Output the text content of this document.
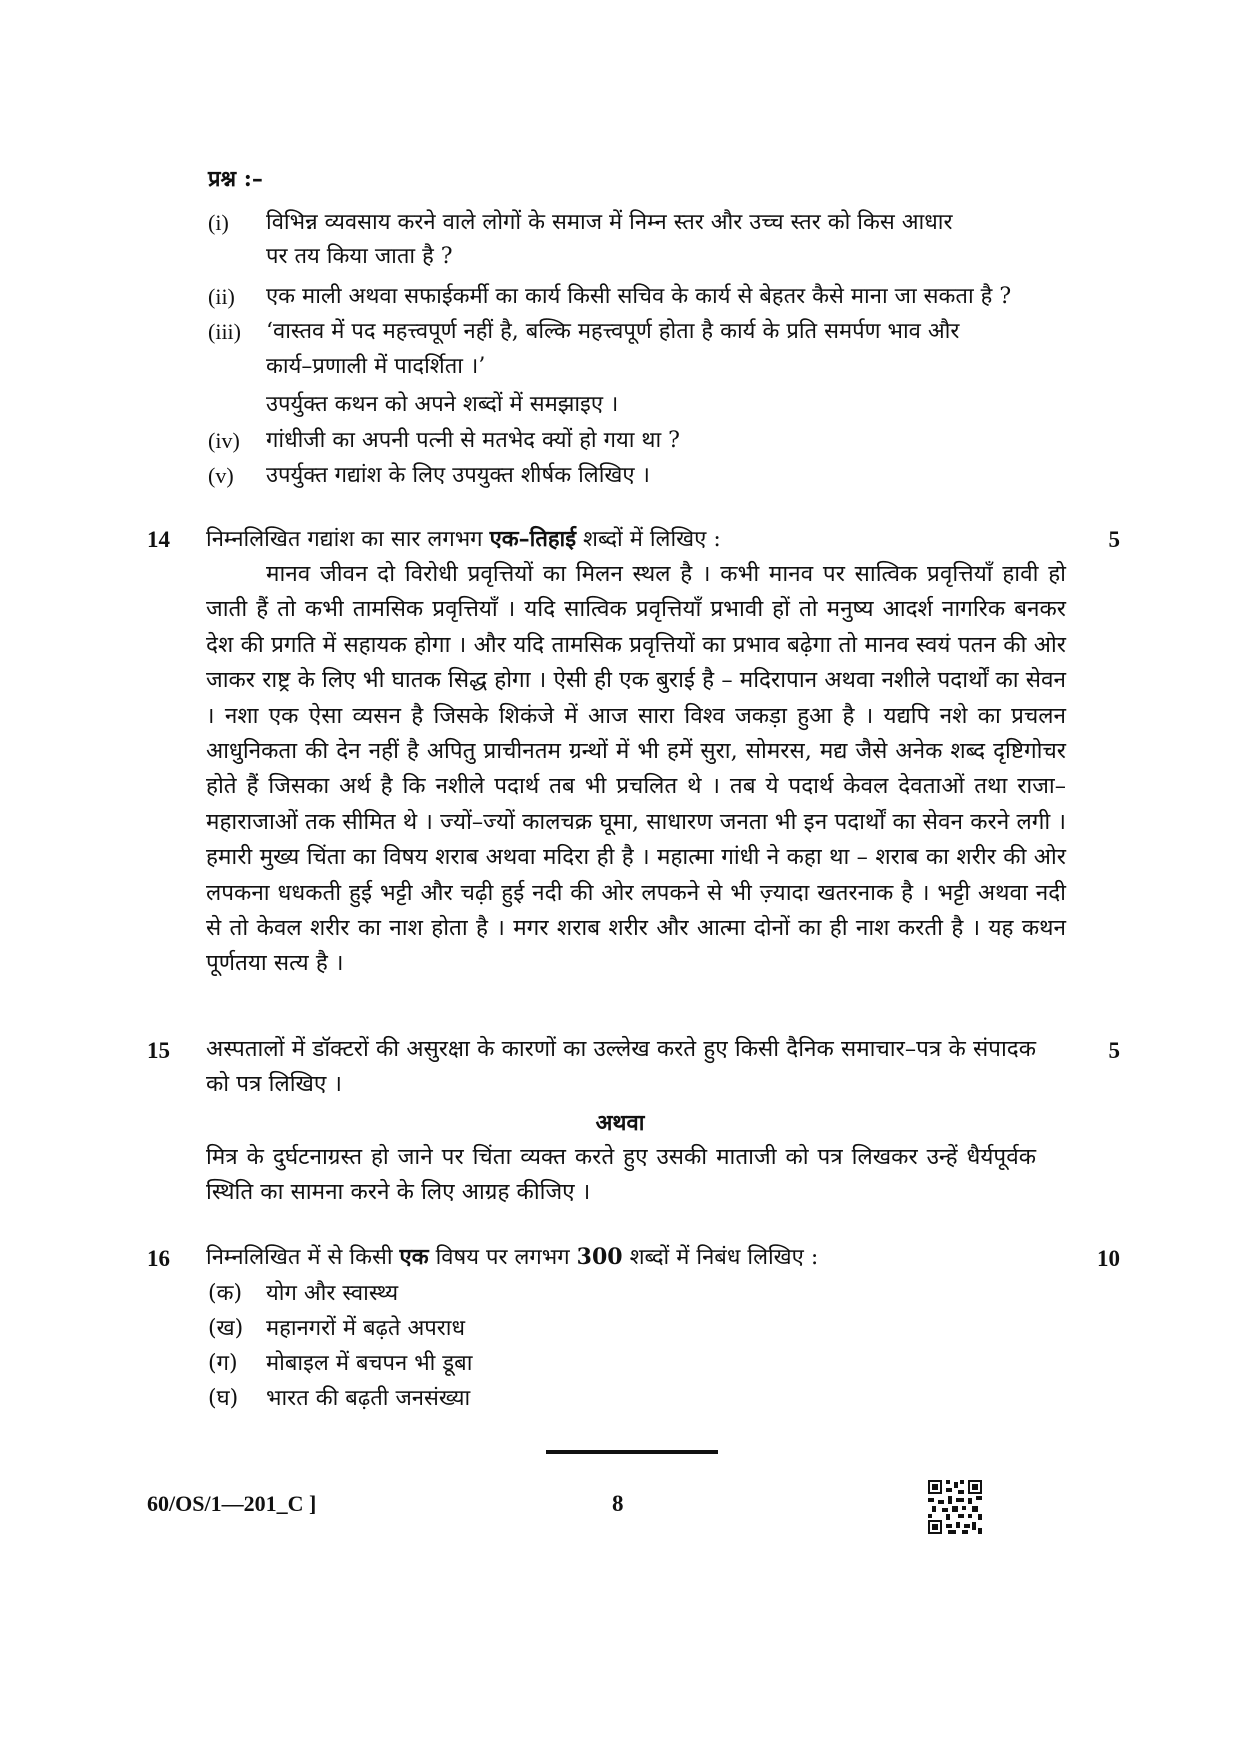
प्रश्न :–
(i) विभिन्न व्यवसाय करने वाले लोगों के समाज में निम्न स्तर और उच्च स्तर को किस आधार
पर तय किया जाता है ?
(ii) एक माली अथवा सफाईकर्मी का कार्य किसी सचिव के कार्य से बेहतर कैसे माना जा सकता है ?
(iii) ‘वास्तव में पद महत्त्वपूर्ण नहीं है, बल्कि महत्त्वपूर्ण होता है कार्य के प्रति समर्पण भाव और
कार्य–प्रणाली में पादर्शिता ।’
उपर्युक्त कथन को अपने शब्दों में समझाइए ।
(iv) गांधीजी का अपनी पत्नी से मतभेद क्यों हो गया था ?
(v) उपर्युक्त गद्यांश के लिए उपयुक्त शीर्षक लिखिए ।
14 निम्नलिखित गद्यांश का सार लगभग एक–तिहाई शब्दों में लिखिए :	5
मानव जीवन दो विरोधी प्रवृत्तियों का मिलन स्थल है । कभी मानव पर सात्विक प्रवृत्तियाँ हावी हो जाती हैं तो कभी तामसिक प्रवृत्तियाँ । यदि सात्विक प्रवृत्तियाँ प्रभावी हों तो मनुष्य आदर्श नागरिक बनकर देश की प्रगति में सहायक होगा । और यदि तामसिक प्रवृत्तियों का प्रभाव बढ़ेगा तो मानव स्वयं पतन की ओर जाकर राष्ट्र के लिए भी घातक सिद्ध होगा । ऐसी ही एक बुराई है – मदिरापान अथवा नशीले पदार्थों का सेवन । नशा एक ऐसा व्यसन है जिसके शिकंजे में आज सारा विश्व जकड़ा हुआ है । यद्यपि नशे का प्रचलन आधुनिकता की देन नहीं है अपितु प्राचीनतम ग्रन्थों में भी हमें सुरा, सोमरस, मद्य जैसे अनेक शब्द दृष्टिगोचर होते हैं जिसका अर्थ है कि नशीले पदार्थ तब भी प्रचलित थे । तब ये पदार्थ केवल देवताओं तथा राजा–महाराजाओं तक सीमित थे । ज्यों–ज्यों कालचक्र घूमा, साधारण जनता भी इन पदार्थों का सेवन करने लगी । हमारी मुख्य चिंता का विषय शराब अथवा मदिरा ही है । महात्मा गांधी ने कहा था – शराब का शरीर की ओर लपकना धधकती हुई भट्टी और चढ़ी हुई नदी की ओर लपकने से भी ज़्यादा खतरनाक है । भट्टी अथवा नदी से तो केवल शरीर का नाश होता है । मगर शराब शरीर और आत्मा दोनों का ही नाश करती है । यह कथन पूर्णतया सत्य है ।
15 अस्पतालों में डॉक्टरों की असुरक्षा के कारणों का उल्लेख करते हुए किसी दैनिक समाचार–पत्र के संपादक को पत्र लिखिए ।
5
अथवा
मित्र के दुर्घटनाग्रस्त हो जाने पर चिंता व्यक्त करते हुए उसकी माताजी को पत्र लिखकर उन्हें धैर्यपूर्वक स्थिति का सामना करने के लिए आग्रह कीजिए ।
16 निम्नलिखित में से किसी एक विषय पर लगभग 300 शब्दों में निबंध लिखिए :	10
(क) योग और स्वास्थ्य
(ख) महानगरों में बढ़ते अपराध
(ग) मोबाइल में बचपन भी डूबा
(घ) भारत की बढ़ती जनसंख्या
60/OS/1—201_C ]	8
